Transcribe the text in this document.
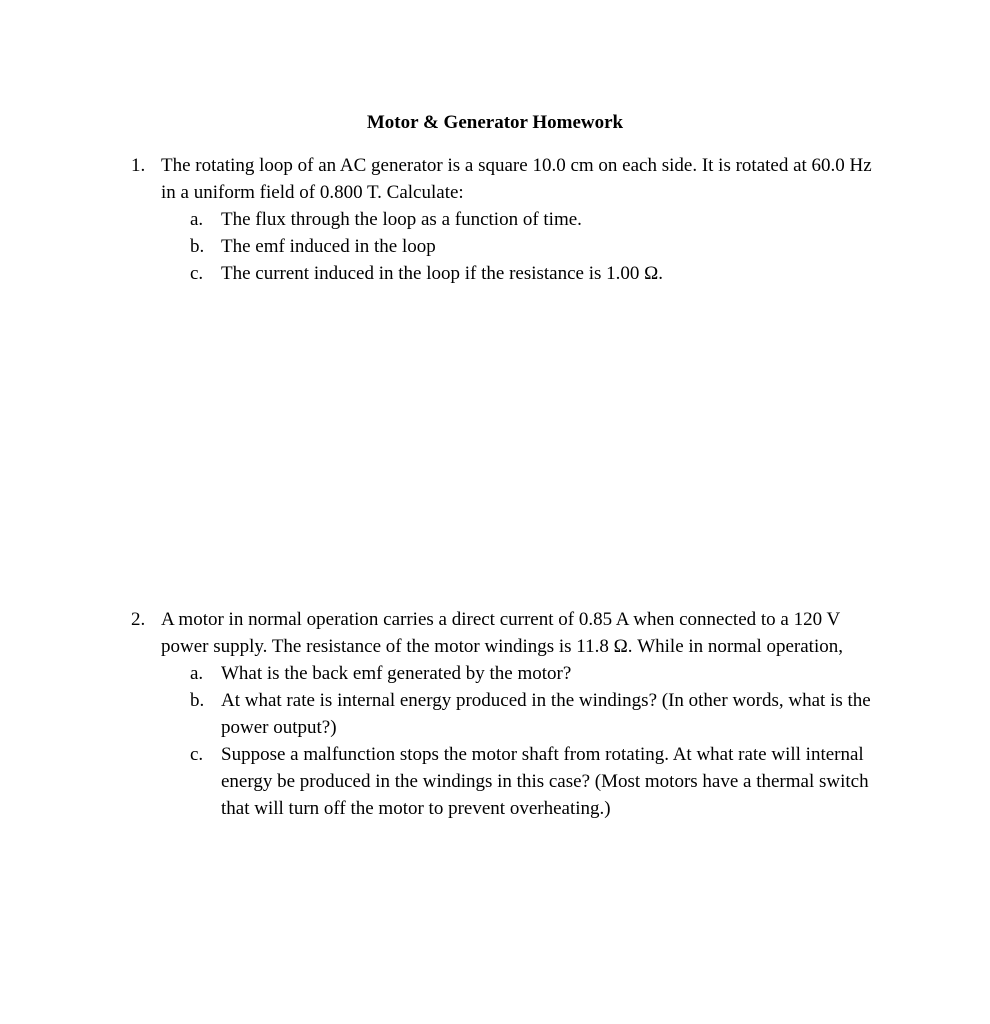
Motor & Generator Homework
1. The rotating loop of an AC generator is a square 10.0 cm on each side. It is rotated at 60.0 Hz in a uniform field of 0.800 T. Calculate:
a. The flux through the loop as a function of time.
b. The emf induced in the loop
c. The current induced in the loop if the resistance is 1.00 Ω.
2. A motor in normal operation carries a direct current of 0.85 A when connected to a 120 V power supply. The resistance of the motor windings is 11.8 Ω. While in normal operation,
a. What is the back emf generated by the motor?
b. At what rate is internal energy produced in the windings? (In other words, what is the power output?)
c. Suppose a malfunction stops the motor shaft from rotating. At what rate will internal energy be produced in the windings in this case? (Most motors have a thermal switch that will turn off the motor to prevent overheating.)
